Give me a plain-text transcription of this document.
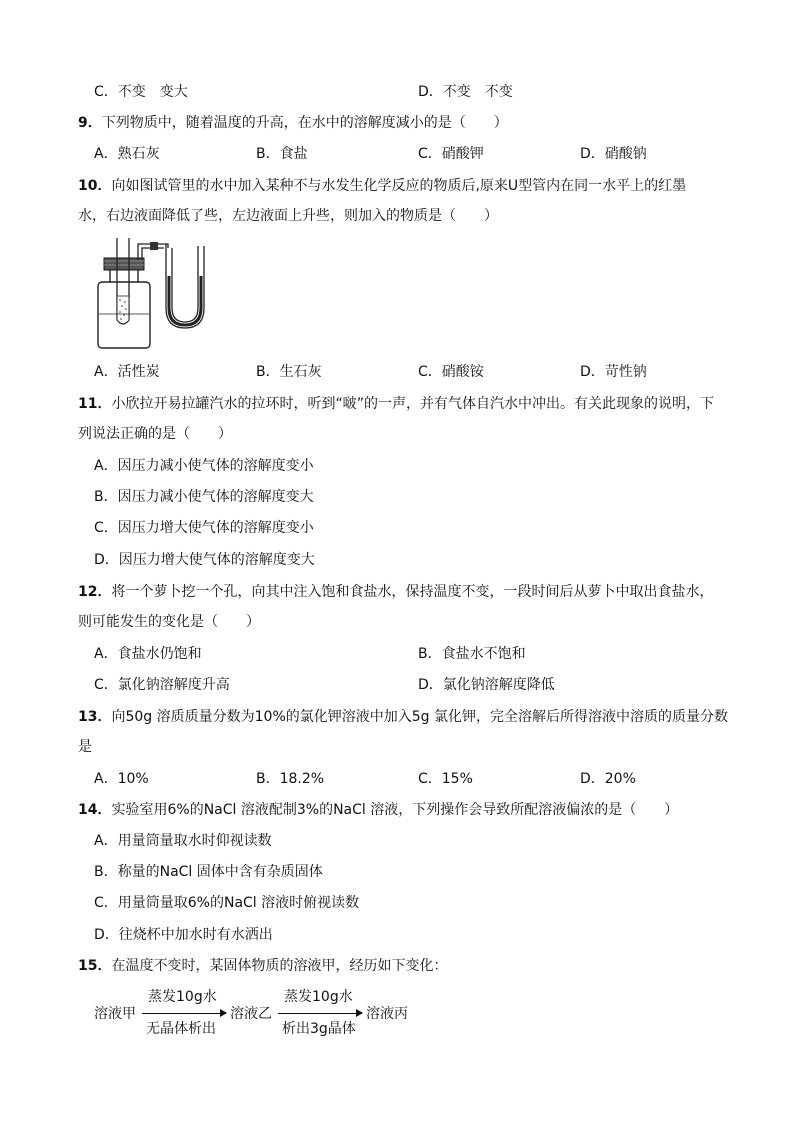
C．不变　变大	D．不变　不变
9．下列物质中，随着温度的升高，在水中的溶解度减小的是（　　）
A．熟石灰	B．食盐	C．硝酸钾	D．硝酸钠
10．向如图试管里的水中加入某种不与水发生化学反应的物质后,原来U型管内在同一水平上的红墨
水，右边液面降低了些，左边液面上升些，则加入的物质是（　　）
A．活性炭	B．生石灰	C．硝酸铵	D．苛性钠
11．小欣拉开易拉罐汽水的拉环时，听到“啵”的一声，并有气体自汽水中冲出。有关此现象的说明，下
列说法正确的是（　　）
A．因压力减小使气体的溶解度变小
B．因压力减小使气体的溶解度变大
C．因压力增大使气体的溶解度变小
D．因压力增大使气体的溶解度变大
12．将一个萝卜挖一个孔，向其中注入饱和食盐水，保持温度不变，一段时间后从萝卜中取出食盐水，
则可能发生的变化是（　　）
A．食盐水仍饱和	B．食盐水不饱和
C．氯化钠溶解度升高	D．氯化钠溶解度降低
13．向50g 溶质质量分数为10%的氯化钾溶液中加入5g 氯化钾，完全溶解后所得溶液中溶质的质量分数
是
A．10%	B．18.2%	C．15%	D．20%
14．实验室用6%的NaCl 溶液配制3%的NaCl 溶液，下列操作会导致所配溶液偏浓的是（　　）
A．用量筒量取水时仰视读数
B．称量的NaCl 固体中含有杂质固体
C．用量筒量取6%的NaCl 溶液时俯视读数
D．往烧杯中加水时有水洒出
15．在温度不变时，某固体物质的溶液甲，经历如下变化：
溶液甲
蒸发10g水
无晶体析出
溶液乙
蒸发10g水
析出3g晶体
溶液丙
